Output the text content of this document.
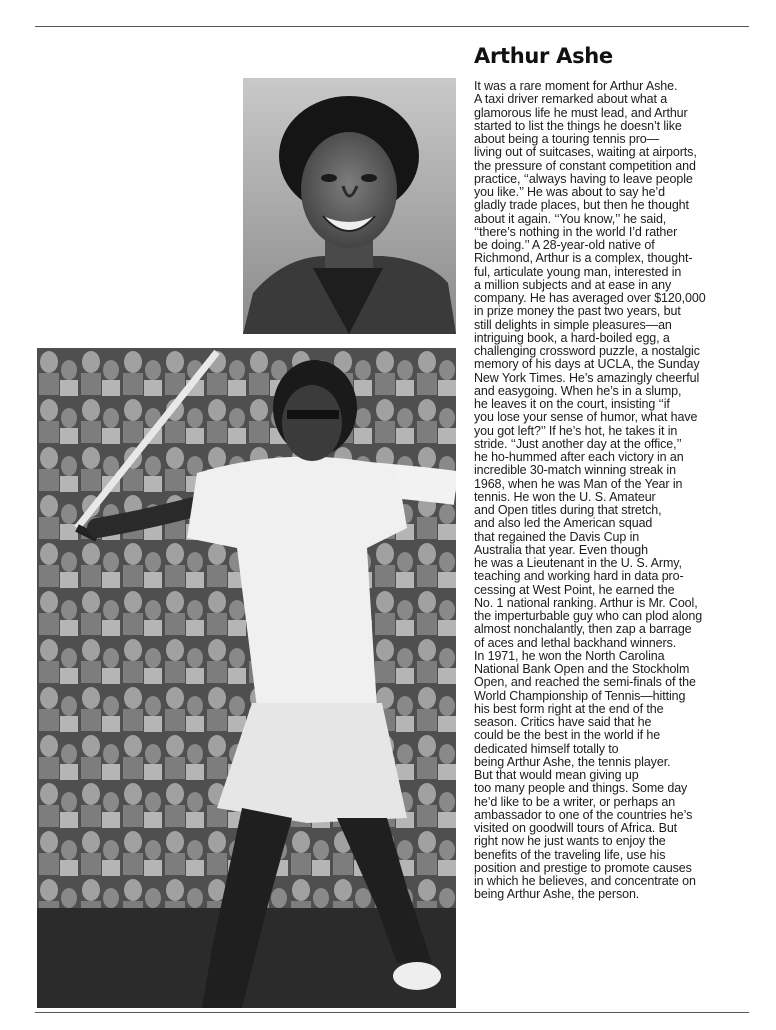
Arthur Ashe
It was a rare moment for Arthur Ashe.
A taxi driver remarked about what a
glamorous life he must lead, and Arthur
started to list the things he doesn’t like
about being a touring tennis pro—
living out of suitcases, waiting at airports,
the pressure of constant competition and
practice, ‘‘always having to leave people
you like.’’ He was about to say he’d
gladly trade places, but then he thought
about it again. ‘‘You know,’’ he said,
‘‘there’s nothing in the world I’d rather
be doing.’’ A 28-year-old native of
Richmond, Arthur is a complex, thought-
ful, articulate young man, interested in
a million subjects and at ease in any
company. He has averaged over $120,000
in prize money the past two years, but
still delights in simple pleasures—an
intriguing book, a hard-boiled egg, a
challenging crossword puzzle, a nostalgic
memory of his days at UCLA, the Sunday
New York Times. He’s amazingly cheerful
and easygoing. When he’s in a slump,
he leaves it on the court, insisting ‘‘if
you lose your sense of humor, what have
you got left?’’ If he’s hot, he takes it in
stride. ‘‘Just another day at the office,’’
he ho-hummed after each victory in an
incredible 30-match winning streak in
1968, when he was Man of the Year in
tennis. He won the U. S. Amateur
and Open titles during that stretch,
and also led the American squad
that regained the Davis Cup in
Australia that year. Even though
he was a Lieutenant in the U. S. Army,
teaching and working hard in data pro-
cessing at West Point, he earned the
No. 1 national ranking. Arthur is Mr. Cool,
the imperturbable guy who can plod along
almost nonchalantly, then zap a barrage
of aces and lethal backhand winners.
In 1971, he won the North Carolina
National Bank Open and the Stockholm
Open, and reached the semi-finals of the
World Championship of Tennis—hitting
his best form right at the end of the
season. Critics have said that he
could be the best in the world if he
dedicated himself totally to
being Arthur Ashe, the tennis player.
But that would mean giving up
too many people and things. Some day
he’d like to be a writer, or perhaps an
ambassador to one of the countries he’s
visited on goodwill tours of Africa. But
right now he just wants to enjoy the
benefits of the traveling life, use his
position and prestige to promote causes
in which he believes, and concentrate on
being Arthur Ashe, the person.
